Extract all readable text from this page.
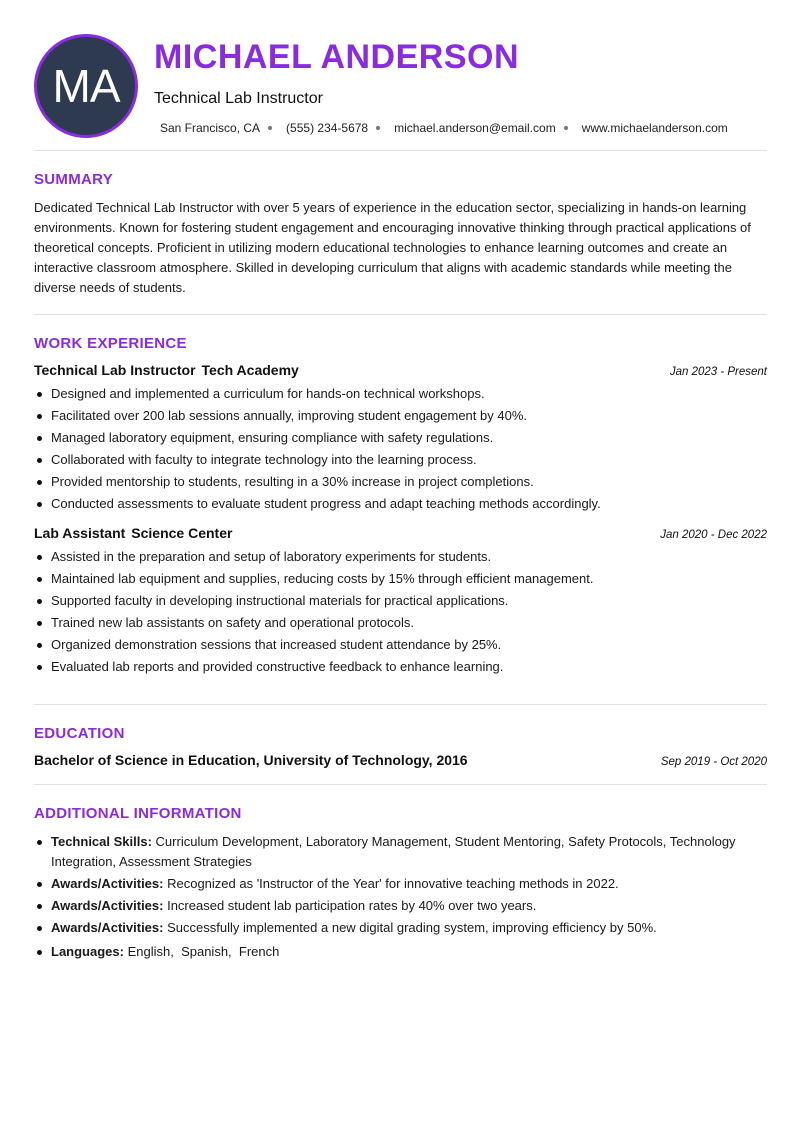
MA
MICHAEL ANDERSON
Technical Lab Instructor
San Francisco, CA (555) 234-5678 michael.anderson@email.com www.michaelanderson.com
SUMMARY

Dedicated Technical Lab Instructor with over 5 years of experience in the education sector, specializing in hands-on learning environments. Known for fostering student engagement and encouraging innovative thinking through practical applications of theoretical concepts. Proficient in utilizing modern educational technologies to enhance learning outcomes and create an interactive classroom atmosphere. Skilled in developing curriculum that aligns with academic standards while meeting the diverse needs of students.

WORK EXPERIENCE
Technical Lab Instructor Tech Academy	Jan 2023 - Present
Designed and implemented a curriculum for hands-on technical workshops.
Facilitated over 200 lab sessions annually, improving student engagement by 40%.
Managed laboratory equipment, ensuring compliance with safety regulations.
Collaborated with faculty to integrate technology into the learning process.
Provided mentorship to students, resulting in a 30% increase in project completions.
Conducted assessments to evaluate student progress and adapt teaching methods accordingly.
Lab Assistant Science Center	Jan 2020 - Dec 2022
Assisted in the preparation and setup of laboratory experiments for students.
Maintained lab equipment and supplies, reducing costs by 15% through efficient management.
Supported faculty in developing instructional materials for practical applications.
Trained new lab assistants on safety and operational protocols.
Organized demonstration sessions that increased student attendance by 25%.
Evaluated lab reports and provided constructive feedback to enhance learning.
EDUCATION
Bachelor of Science in Education, University of Technology, 2016	Sep 2019 - Oct 2020
ADDITIONAL INFORMATION
Technical Skills: Curriculum Development, Laboratory Management, Student Mentoring, Safety Protocols, Technology Integration, Assessment Strategies
Awards/Activities: Recognized as 'Instructor of the Year' for innovative teaching methods in 2022.
Awards/Activities: Increased student lab participation rates by 40% over two years.
Awards/Activities: Successfully implemented a new digital grading system, improving efficiency by 50%.
Languages: English,  Spanish,  French
